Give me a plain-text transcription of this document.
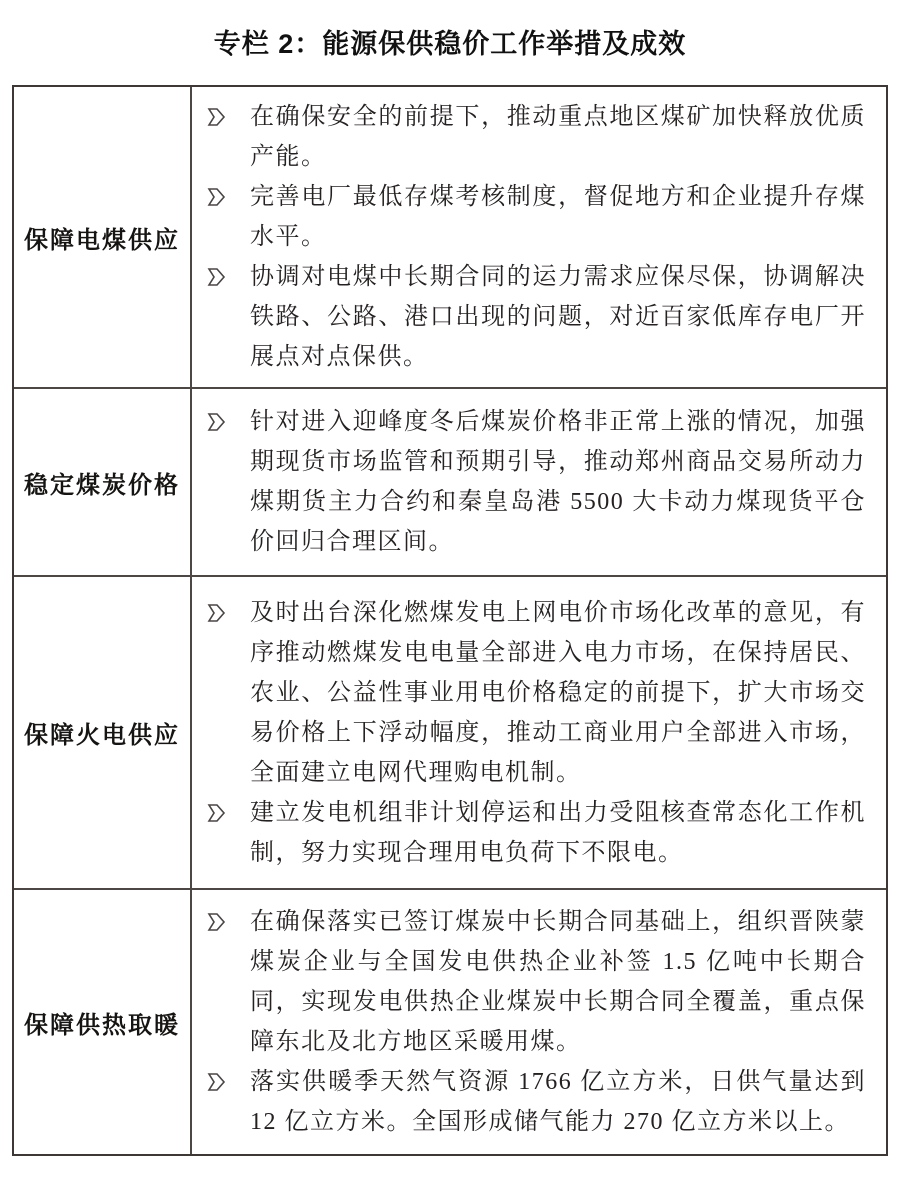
专栏 2：能源保供稳价工作举措及成效
保障电煤供应
在确保安全的前提下，推动重点地区煤矿加快释放优质产能。
完善电厂最低存煤考核制度，督促地方和企业提升存煤水平。
协调对电煤中长期合同的运力需求应保尽保，协调解决铁路、公路、港口出现的问题，对近百家低库存电厂开展点对点保供。
稳定煤炭价格
针对进入迎峰度冬后煤炭价格非正常上涨的情况，加强期现货市场监管和预期引导，推动郑州商品交易所动力煤期货主力合约和秦皇岛港 5500 大卡动力煤现货平仓价回归合理区间。
保障火电供应
及时出台深化燃煤发电上网电价市场化改革的意见，有序推动燃煤发电电量全部进入电力市场，在保持居民、农业、公益性事业用电价格稳定的前提下，扩大市场交易价格上下浮动幅度，推动工商业用户全部进入市场，全面建立电网代理购电机制。
建立发电机组非计划停运和出力受阻核查常态化工作机制，努力实现合理用电负荷下不限电。
保障供热取暖
在确保落实已签订煤炭中长期合同基础上，组织晋陕蒙煤炭企业与全国发电供热企业补签 1.5 亿吨中长期合同，实现发电供热企业煤炭中长期合同全覆盖，重点保障东北及北方地区采暖用煤。
落实供暖季天然气资源 1766 亿立方米，日供气量达到 12 亿立方米。全国形成储气能力 270 亿立方米以上。
